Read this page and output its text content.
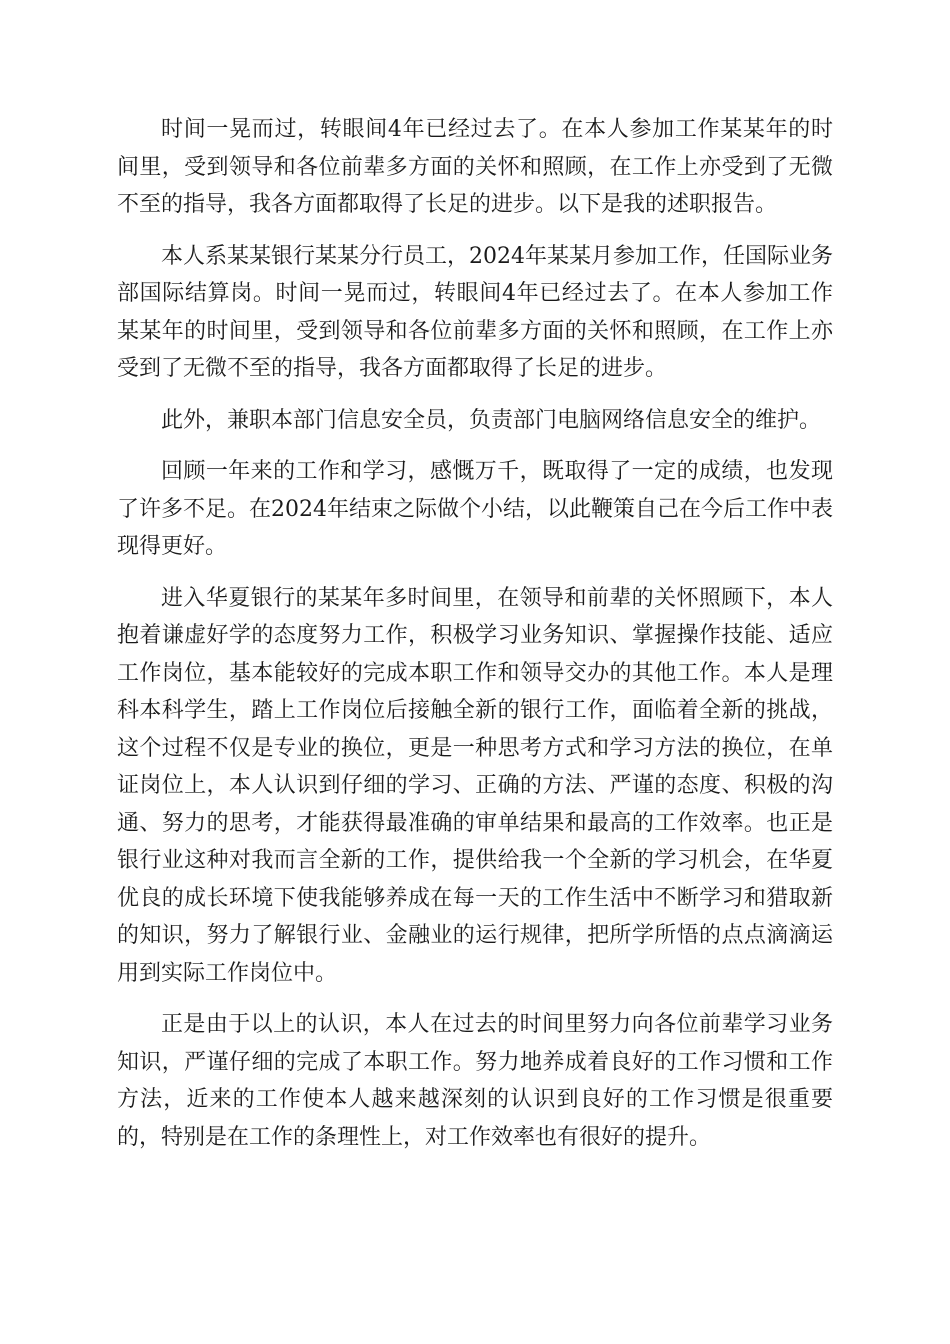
时间一晃而过，转眼间4年已经过去了。在本人参加工作某某年的时间里，受到领导和各位前辈多方面的关怀和照顾，在工作上亦受到了无微不至的指导，我各方面都取得了长足的进步。以下是我的述职报告。

本人系某某银行某某分行员工，2024年某某月参加工作，任国际业务部国际结算岗。时间一晃而过，转眼间4年已经过去了。在本人参加工作某某年的时间里，受到领导和各位前辈多方面的关怀和照顾，在工作上亦受到了无微不至的指导，我各方面都取得了长足的进步。

此外，兼职本部门信息安全员，负责部门电脑网络信息安全的维护。

回顾一年来的工作和学习，感慨万千，既取得了一定的成绩，也发现了许多不足。在2024年结束之际做个小结，以此鞭策自己在今后工作中表现得更好。

进入华夏银行的某某年多时间里，在领导和前辈的关怀照顾下，本人抱着谦虚好学的态度努力工作，积极学习业务知识、掌握操作技能、适应工作岗位，基本能较好的完成本职工作和领导交办的其他工作。本人是理科本科学生，踏上工作岗位后接触全新的银行工作，面临着全新的挑战，这个过程不仅是专业的换位，更是一种思考方式和学习方法的换位，在单证岗位上，本人认识到仔细的学习、正确的方法、严谨的态度、积极的沟通、努力的思考，才能获得最准确的审单结果和最高的工作效率。也正是银行业这种对我而言全新的工作，提供给我一个全新的学习机会，在华夏优良的成长环境下使我能够养成在每一天的工作生活中不断学习和猎取新的知识，努力了解银行业、金融业的运行规律，把所学所悟的点点滴滴运用到实际工作岗位中。

正是由于以上的认识，本人在过去的时间里努力向各位前辈学习业务知识，严谨仔细的完成了本职工作。努力地养成着良好的工作习惯和工作方法，近来的工作使本人越来越深刻的认识到良好的工作习惯是很重要的，特别是在工作的条理性上，对工作效率也有很好的提升。
